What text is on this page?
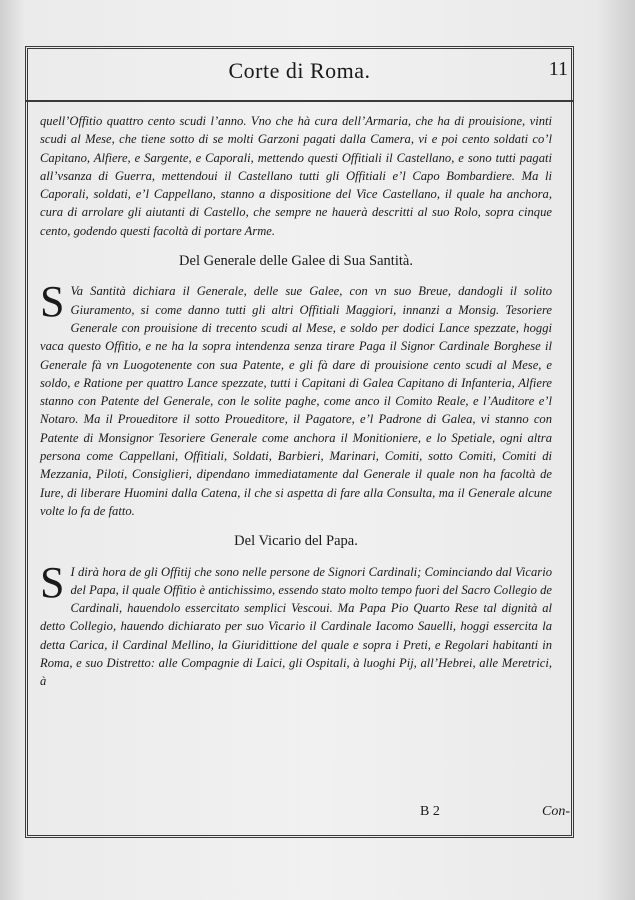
Corte di Roma.	11

quell’Offitio quattro cento scudi l’anno. Vno che hà cura dell’Armaria, che ha di prouisione, vinti scudi al Mese, che tiene sotto di se molti Garzoni pagati dalla Camera, vi e poi cento soldati co’l Capitano, Alfiere, e Sargente, e Caporali, mettendo questi Offitiali il Castellano, e sono tutti pagati all’vsanza di Guerra, mettendoui il Castellano tutti gli Offitiali e’l Capo Bombardiere. Ma li Caporali, soldati, e’l Cappellano, stanno a dispositione del Vice Castellano, il quale ha anchora, cura di arrolare gli aiutanti di Castello, che sempre ne hauerà descritti al suo Rolo, sopra cinque cento, godendo questi facoltà di portare Arme.

Del Generale delle Galee di Sua Santità.

S Va Santità dichiara il Generale, delle sue Galee, con vn suo Breue, dandogli il solito Giuramento, si come danno tutti gli altri Offitiali Maggiori, innanzi a Monsig. Tesoriere Generale con prouisione di trecento scudi al Mese, e soldo per dodici Lance spezzate, hoggi vaca questo Offitio, e ne ha la sopra intendenza senza tirare Paga il Signor Cardinale Borghese il Generale fà vn Luogotenente con sua Patente, e gli fà dare di prouisione cento scudi al Mese, e soldo, e Ratione per quattro Lance spezzate, tutti i Capitani di Galea Capitano di Infanteria, Alfiere stanno con Patente del Generale, con le solite paghe, come anco il Comito Reale, e l’Auditore e’l Notaro. Ma il Proueditore il sotto Proueditore, il Pagatore, e’l Padrone di Galea, vi stanno con Patente di Monsignor Tesoriere Generale come anchora il Monitioniere, e lo Spetiale, ogni altra persona come Cappellani, Offitiali, Soldati, Barbieri, Marinari, Comiti, sotto Comiti, Comiti di Mezzania, Piloti, Consiglieri, dipendano immediatamente dal Generale il quale non ha facoltà de Iure, di liberare Huomini dalla Catena, il che si aspetta di fare alla Consulta, ma il Generale alcune volte lo fa de fatto.

Del Vicario del Papa.

S I dirà hora de gli Offitij che sono nelle persone de Signori Cardinali; Cominciando dal Vicario del Papa, il quale Offitio è antichissimo, essendo stato molto tempo fuori del Sacro Collegio de Cardinali, hauendolo essercitato semplici Vescoui. Ma Papa Pio Quarto Rese tal dignità al detto Collegio, hauendo dichiarato per suo Vicario il Cardinale Iacomo Sauelli, hoggi essercita la detta Carica, il Cardinal Mellino, la Giuridittione del quale e sopra i Preti, e Regolari habitanti in Roma, e suo Distretto: alle Compagnie di Laici, gli Ospitali, à luoghi Pij, all’Hebrei, alle Meretrici, à

B 2	Con-
